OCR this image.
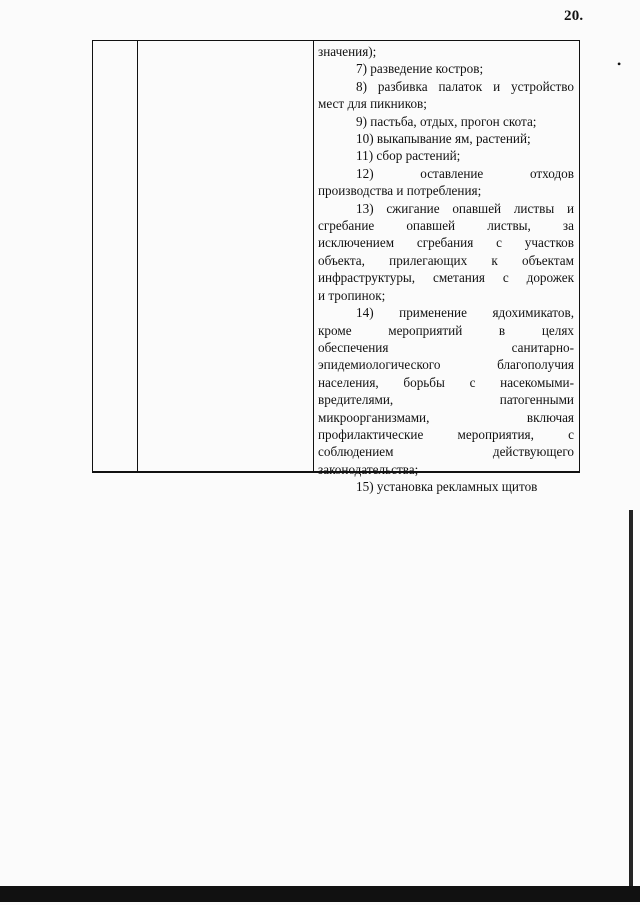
20.
•
значения);
7) разведение костров;
8) разбивка палаток и устройство
мест для пикников;
9) пастьба, отдых, прогон скота;
10) выкапывание ям, растений;
11) сбор растений;
12) оставление отходов
производства и потребления;
13) сжигание опавшей листвы и
сгребание опавшей листвы, за
исключением сгребания с участков
объекта, прилегающих к объектам
инфраструктуры, сметания с дорожек
и тропинок;
14) применение ядохимикатов,
кроме мероприятий в целях
обеспечения санитарно-
эпидемиологического благополучия
населения, борьбы с насекомыми-
вредителями, патогенными
микроорганизмами, включая
профилактические мероприятия, с
соблюдением действующего
законодательства;
15) установка рекламных щитов
